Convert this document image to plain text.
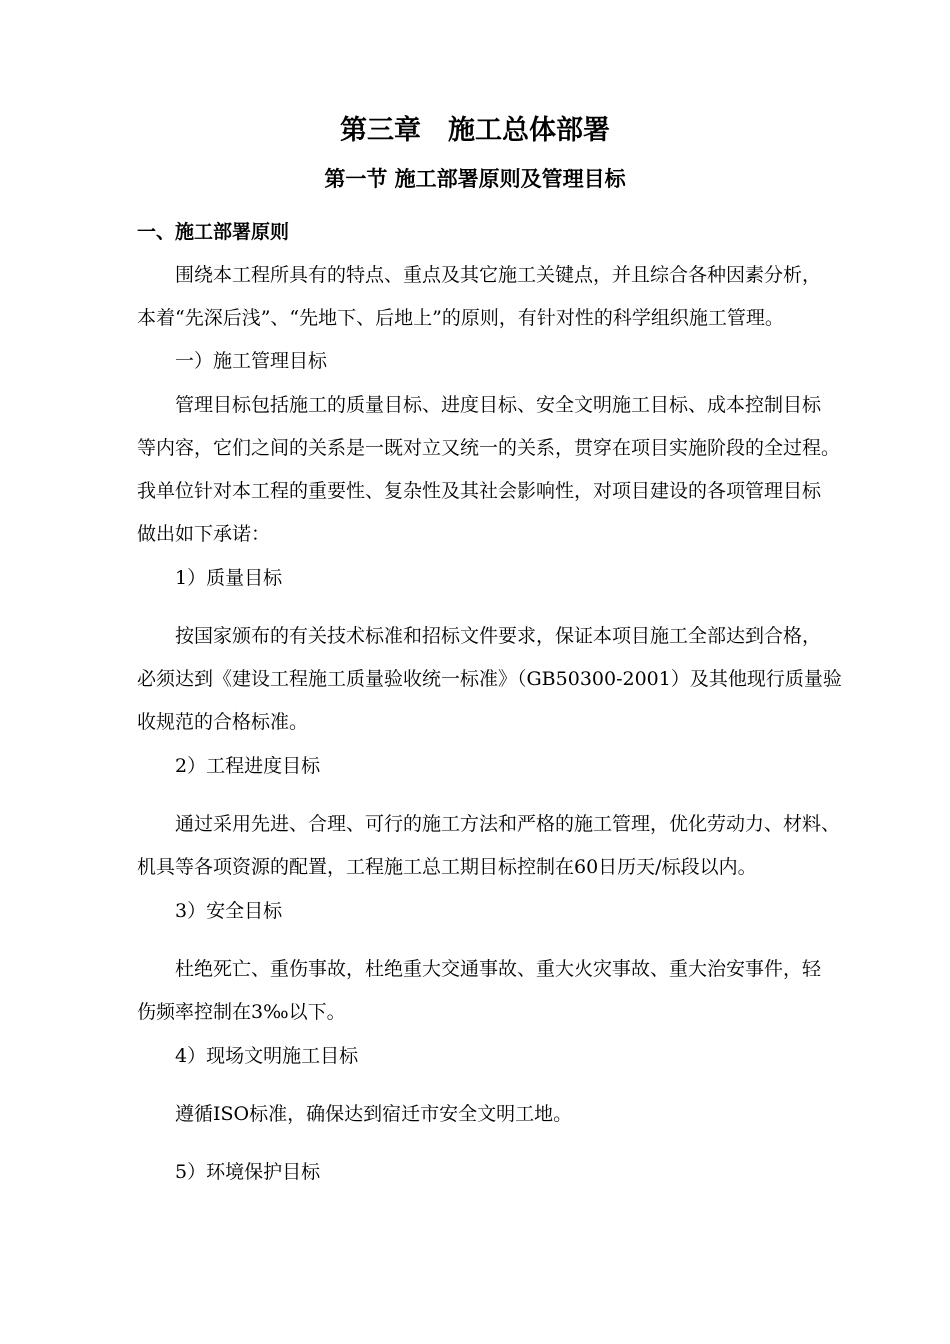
第三章　施工总体部署
第一节 施工部署原则及管理目标
一、施工部署原则
围绕本工程所具有的特点、重点及其它施工关键点，并且综合各种因素分析，
本着“先深后浅”、“先地下、后地上”的原则，有针对性的科学组织施工管理。
一）施工管理目标
管理目标包括施工的质量目标、进度目标、安全文明施工目标、成本控制目标
等内容，它们之间的关系是一既对立又统一的关系，贯穿在项目实施阶段的全过程。
我单位针对本工程的重要性、复杂性及其社会影响性，对项目建设的各项管理目标
做出如下承诺：
1）质量目标
按国家颁布的有关技术标准和招标文件要求，保证本项目施工全部达到合格，
必须达到《建设工程施工质量验收统一标准》（GB50300-2001）及其他现行质量验
收规范的合格标准。
2）工程进度目标
通过采用先进、合理、可行的施工方法和严格的施工管理，优化劳动力、材料、
机具等各项资源的配置，工程施工总工期目标控制在60日历天/标段以内。
3）安全目标
杜绝死亡、重伤事故，杜绝重大交通事故、重大火灾事故、重大治安事件，轻
伤频率控制在3‰以下。
4）现场文明施工目标
遵循ISO标准，确保达到宿迁市安全文明工地。
5）环境保护目标
